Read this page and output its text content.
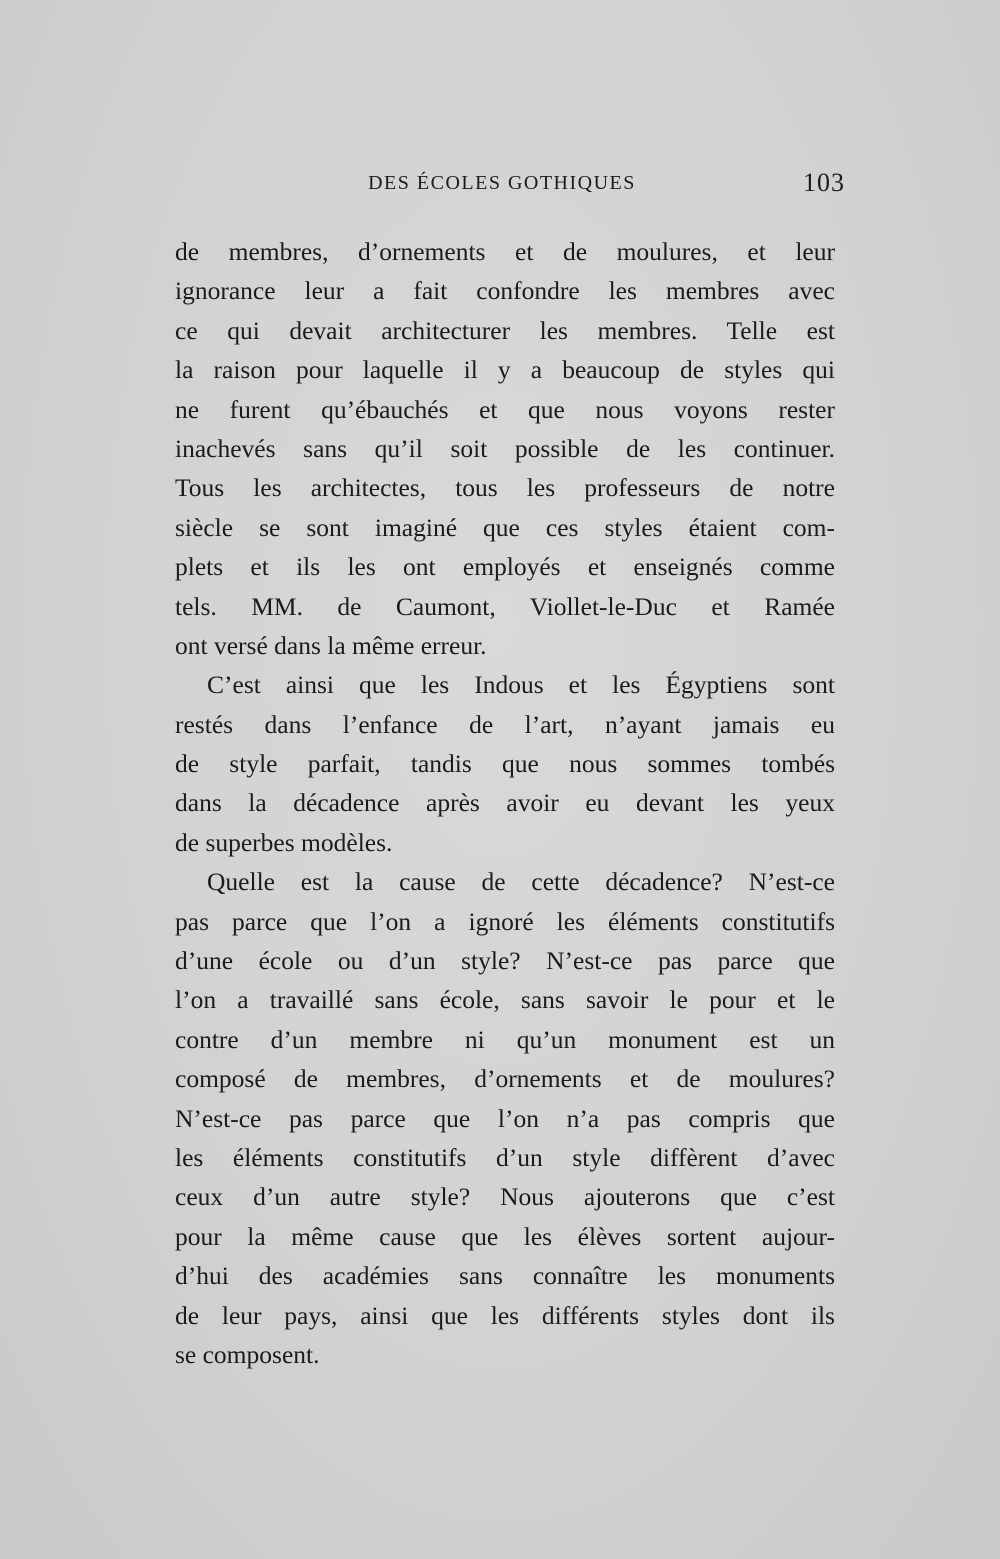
DES ÉCOLES GOTHIQUES	103
de membres, d’ornements et de moulures, et leur
ignorance leur a fait confondre les membres avec
ce qui devait architecturer les membres. Telle est
la raison pour laquelle il y a beaucoup de styles qui
ne furent qu’ébauchés et que nous voyons rester
inachevés sans qu’il soit possible de les continuer.
Tous les architectes, tous les professeurs de notre
siècle se sont imaginé que ces styles étaient com-
plets et ils les ont employés et enseignés comme
tels. MM. de Caumont, Viollet-le-Duc et Ramée
ont versé dans la même erreur.
C’est ainsi que les Indous et les Égyptiens sont
restés dans l’enfance de l’art, n’ayant jamais eu
de style parfait, tandis que nous sommes tombés
dans la décadence après avoir eu devant les yeux
de superbes modèles.
Quelle est la cause de cette décadence? N’est-ce
pas parce que l’on a ignoré les éléments constitutifs
d’une école ou d’un style? N’est-ce pas parce que
l’on a travaillé sans école, sans savoir le pour et le
contre d’un membre ni qu’un monument est un
composé de membres, d’ornements et de moulures?
N’est-ce pas parce que l’on n’a pas compris que
les éléments constitutifs d’un style diffèrent d’avec
ceux d’un autre style? Nous ajouterons que c’est
pour la même cause que les élèves sortent aujour-
d’hui des académies sans connaître les monuments
de leur pays, ainsi que les différents styles dont ils
se composent.
